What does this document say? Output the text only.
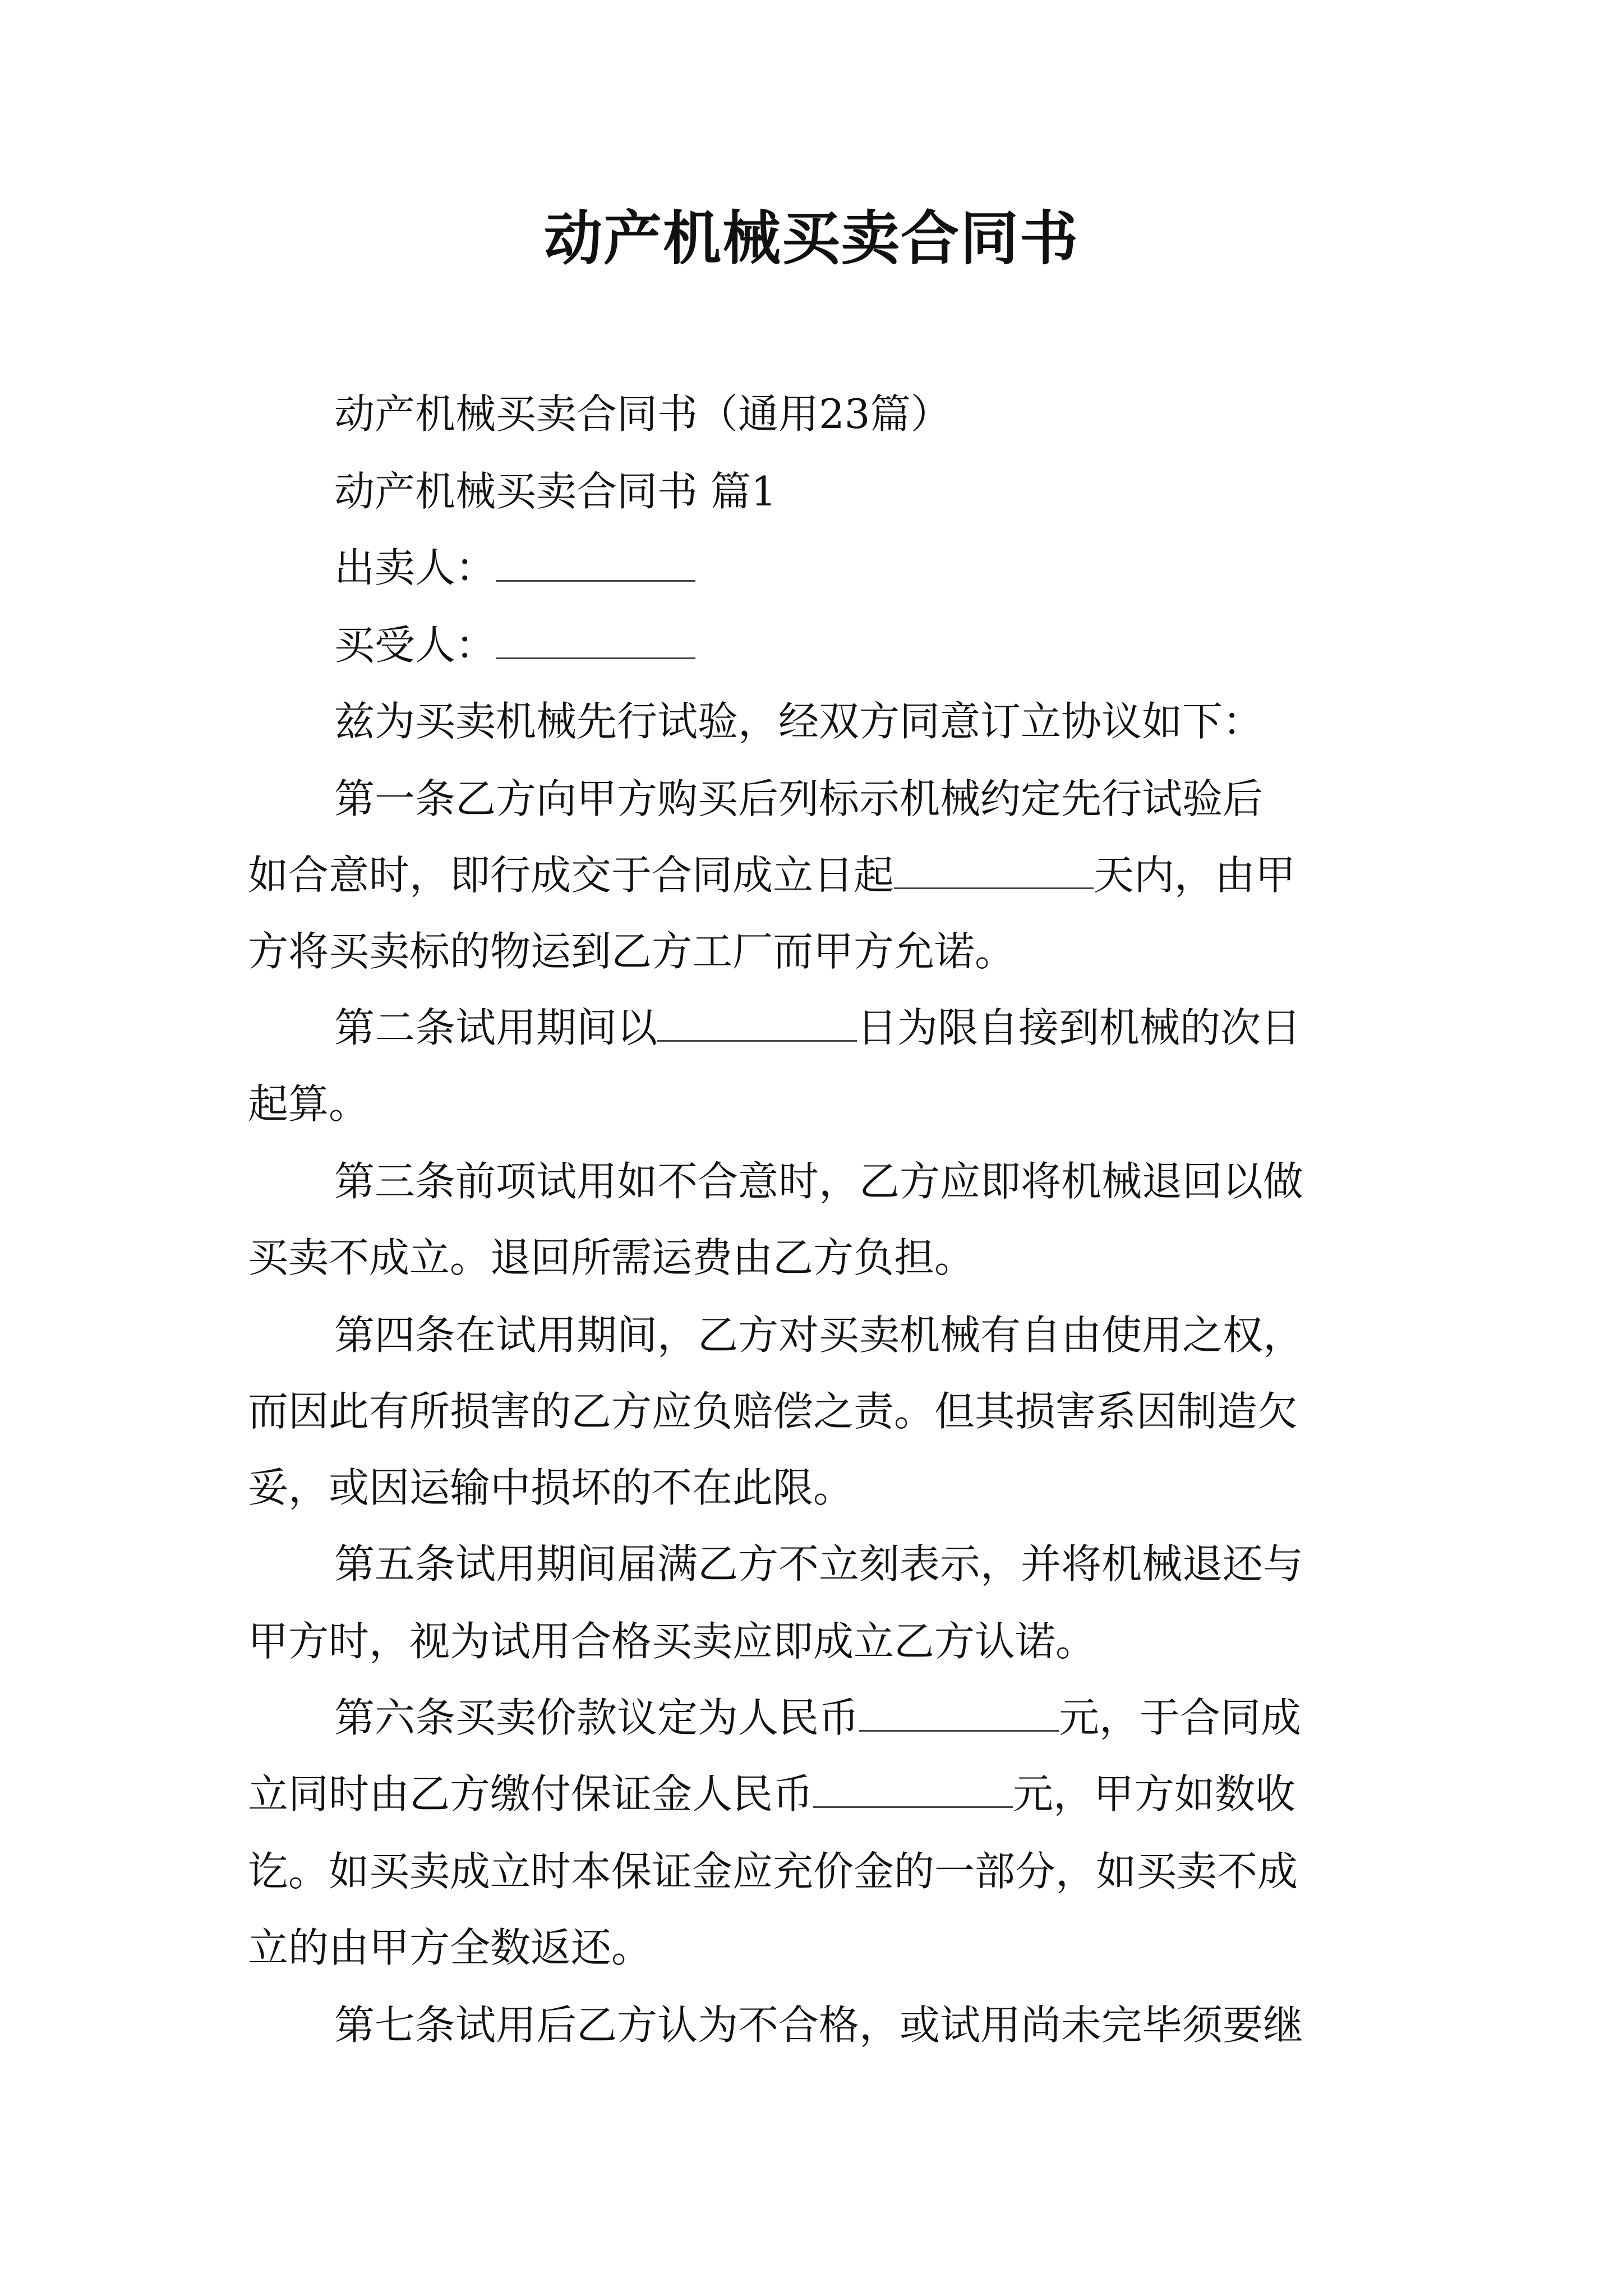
动产机械买卖合同书
动产机械买卖合同书（通用23篇）
动产机械买卖合同书 篇1
出卖人：
买受人：
兹为买卖机械先行试验，经双方同意订立协议如下：
第一条乙方向甲方购买后列标示机械约定先行试验后
如合意时，即行成交于合同成立日起	天内，由甲
方将买卖标的物运到乙方工厂而甲方允诺。
第二条试用期间以	日为限自接到机械的次日
起算。
第三条前项试用如不合意时，乙方应即将机械退回以做
买卖不成立。退回所需运费由乙方负担。
第四条在试用期间，乙方对买卖机械有自由使用之权，
而因此有所损害的乙方应负赔偿之责。但其损害系因制造欠
妥，或因运输中损坏的不在此限。
第五条试用期间届满乙方不立刻表示，并将机械退还与
甲方时，视为试用合格买卖应即成立乙方认诺。
第六条买卖价款议定为人民币	元，于合同成
立同时由乙方缴付保证金人民币	元，甲方如数收
讫。如买卖成立时本保证金应充价金的一部分，如买卖不成
立的由甲方全数返还。
第七条试用后乙方认为不合格，或试用尚未完毕须要继
